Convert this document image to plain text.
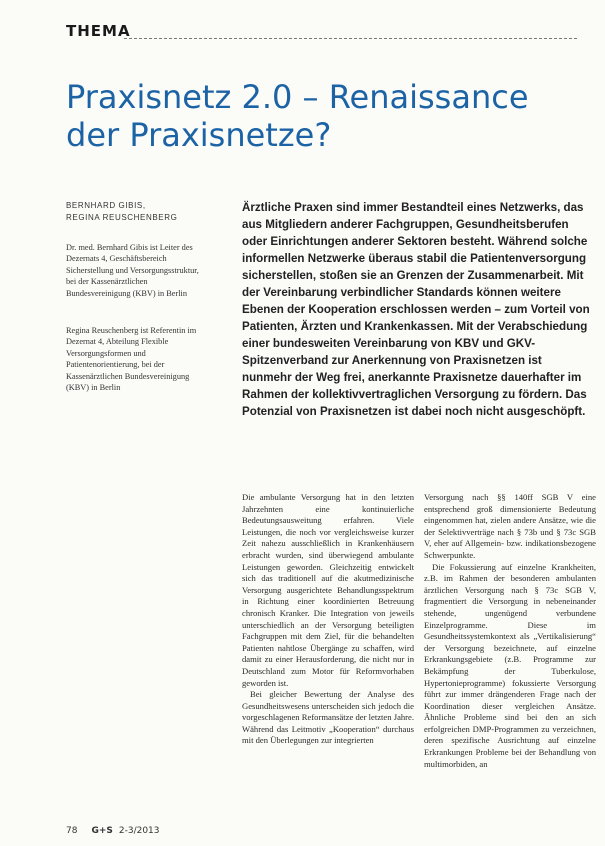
THEMA
Praxisnetz 2.0 – Renaissance der Praxisnetze?
BERNHARD GIBIS,
REGINA REUSCHENBERG

Dr. med. Bernhard Gibis ist Leiter des Dezernats 4, Geschäftsbereich Sicherstellung und Versorgungsstruktur, bei der Kassenärztlichen Bundesvereinigung (KBV) in Berlin

Regina Reuschenberg ist Referentin im Dezernat 4, Abteilung Flexible Versorgungsformen und Patientenorientierung, bei der Kassenärztlichen Bundesvereinigung (KBV) in Berlin

Ärztliche Praxen sind immer Bestandteil eines Netzwerks, das aus Mitgliedern anderer Fachgruppen, Gesundheitsberufen oder Einrichtungen anderer Sektoren besteht. Während solche informellen Netzwerke überaus stabil die Patientenversorgung sicherstellen, stoßen sie an Grenzen der Zusammenarbeit. Mit der Vereinbarung verbindlicher Standards können weitere Ebenen der Kooperation erschlossen werden – zum Vorteil von Patienten, Ärzten und Krankenkassen. Mit der Verabschiedung einer bundesweiten Vereinbarung von KBV und GKV-Spitzenverband zur Anerkennung von Praxisnetzen ist nunmehr der Weg frei, anerkannte Praxisnetze dauerhafter im Rahmen der kollektivvertraglichen Versorgung zu fördern. Das Potenzial von Praxisnetzen ist dabei noch nicht ausgeschöpft.

Die ambulante Versorgung hat in den letzten Jahrzehnten eine kontinuierliche Bedeutungsausweitung erfahren. Viele Leistungen, die noch vor vergleichsweise kurzer Zeit nahezu ausschließlich in Krankenhäusern erbracht wurden, sind überwiegend ambulante Leistungen geworden. Gleichzeitig entwickelt sich das traditionell auf die akutmedizinische Versorgung ausgerichtete Behandlungsspektrum in Richtung einer koordinierten Betreuung chronisch Kranker. Die Integration von jeweils unterschiedlich an der Versorgung beteiligten Fachgruppen mit dem Ziel, für die behandelten Patienten nahtlose Übergänge zu schaffen, wird damit zu einer Herausforderung, die nicht nur in Deutschland zum Motor für Reformvorhaben geworden ist.

Bei gleicher Bewertung der Analyse des Gesundheitswesens unterscheiden sich jedoch die vorgeschlagenen Reformansätze der letzten Jahre. Während das Leitmotiv „Kooperation“ durchaus mit den Überlegungen zur integrierten

Versorgung nach §§ 140ff SGB V eine entsprechend groß dimensionierte Bedeutung eingenommen hat, zielen andere Ansätze, wie die der Selektivverträge nach § 73b und § 73c SGB V, eher auf Allgemein- bzw. indikationsbezogene Schwerpunkte.

Die Fokussierung auf einzelne Krankheiten, z.B. im Rahmen der besonderen ambulanten ärztlichen Versorgung nach § 73c SGB V, fragmentiert die Versorgung in nebeneinander stehende, ungenügend verbundene Einzelprogramme. Diese im Gesundheitssystemkontext als „Vertikalisierung“ der Versorgung bezeichnete, auf einzelne Erkrankungsgebiete (z.B. Programme zur Bekämpfung der Tuberkulose, Hypertonieprogramme) fokussierte Versorgung führt zur immer drängenderen Frage nach der Koordination dieser vergleichen Ansätze. Ähnliche Probleme sind bei den an sich erfolgreichen DMP-Programmen zu verzeichnen, deren spezifische Ausrichtung auf einzelne Erkrankungen Probleme bei der Behandlung von multimorbiden, an

78 G+S 2-3/2013
